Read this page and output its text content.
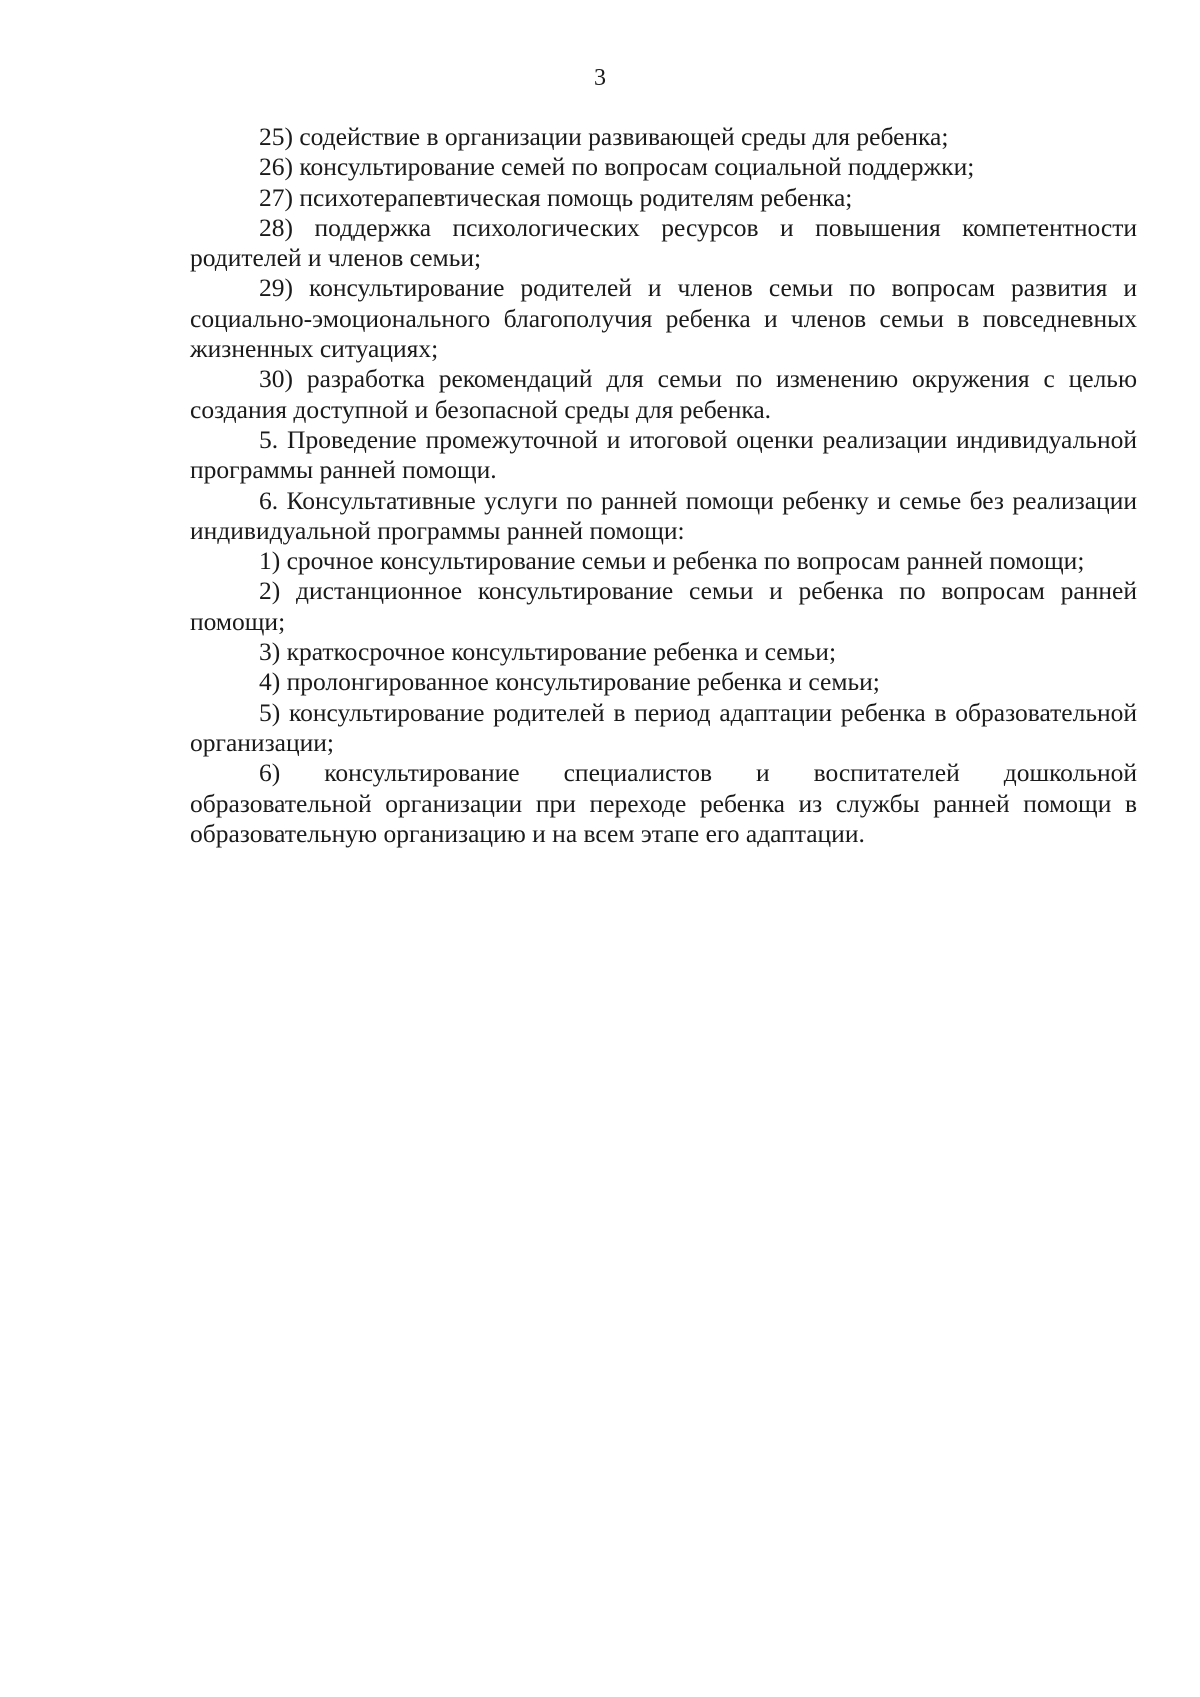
3

25) содействие в организации развивающей среды для ребенка;

26) консультирование семей по вопросам социальной поддержки;

27) психотерапевтическая помощь родителям ребенка;

28) поддержка психологических ресурсов и повышения компетентности родителей и членов семьи;

29) консультирование родителей и членов семьи по вопросам развития и социально-эмоционального благополучия ребенка и членов семьи в повседневных жизненных ситуациях;

30) разработка рекомендаций для семьи по изменению окружения с целью создания доступной и безопасной среды для ребенка.

5. Проведение промежуточной и итоговой оценки реализации индивидуальной программы ранней помощи.

6. Консультативные услуги по ранней помощи ребенку и семье без реализации индивидуальной программы ранней помощи:

1) срочное консультирование семьи и ребенка по вопросам ранней помощи;

2) дистанционное консультирование семьи и ребенка по вопросам ранней помощи;

3) краткосрочное консультирование ребенка и семьи;

4) пролонгированное консультирование ребенка и семьи;

5) консультирование родителей в период адаптации ребенка в образовательной организации;

6) консультирование специалистов и воспитателей дошкольной образовательной организации при переходе ребенка из службы ранней помощи в образовательную организацию и на всем этапе его адаптации.
